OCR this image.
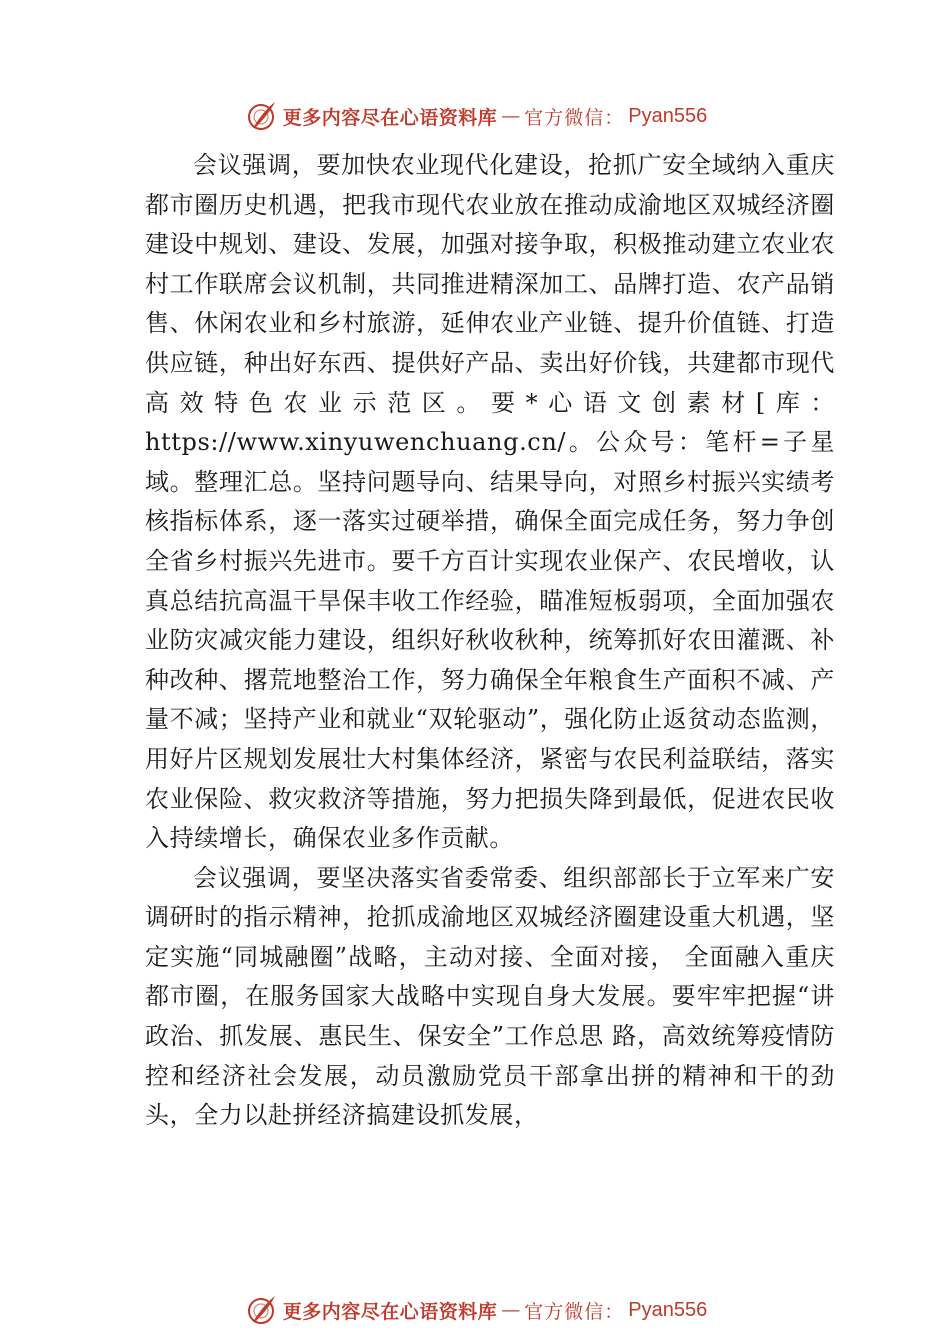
更多内容尽在心语资料库 — 官方微信： Pyan556

会议强调，要加快农业现代化建设，抢抓广安全域纳入重庆都市圈历史机遇，把我市现代农业放在推动成渝地区双城经济圈建设中规划、建设、发展，加强对接争取，积极推动建立农业农村工作联席会议机制，共同推进精深加工、品牌打造、农产品销售、休闲农业和乡村旅游，延伸农业产业链、提升价值链、打造供应链，种出好东西、提供好产品、卖出好价钱，共建都市现代高效特色农业示范区。要*心语文创素材[库：https://www.xinyuwenchuang.cn/。公众号：笔杆=子星域。整理汇总。坚持问题导向、结果导向，对照乡村振兴实绩考核指标体系，逐一落实过硬举措，确保全面完成任务，努力争创全省乡村振兴先进市。要千方百计实现农业保产、农民增收，认真总结抗高温干旱保丰收工作经验，瞄准短板弱项，全面加强农业防灾减灾能力建设，组织好秋收秋种，统筹抓好农田灌溉、补种改种、撂荒地整治工作，努力确保全年粮食生产面积不减、产量不减；坚持产业和就业“双轮驱动”，强化防止返贫动态监测，用好片区规划发展壮大村集体经济，紧密与农民利益联结，落实农业保险、救灾救济等措施，努力把损失降到最低，促进农民收入持续增长，确保农业多作贡献。

会议强调，要坚决落实省委常委、组织部部长于立军来广安调研时的指示精神，抢抓成渝地区双城经济圈建设重大机遇，坚定实施“同城融圈”战略，主动对接、全面对接， 全面融入重庆都市圈，在服务国家大战略中实现自身大发展。要牢牢把握“讲政治、抓发展、惠民生、保安全”工作总思 路，高效统筹疫情防控和经济社会发展，动员激励党员干部拿出拼的精神和干的劲头，全力以赴拼经济搞建设抓发展，

更多内容尽在心语资料库 — 官方微信： Pyan556
